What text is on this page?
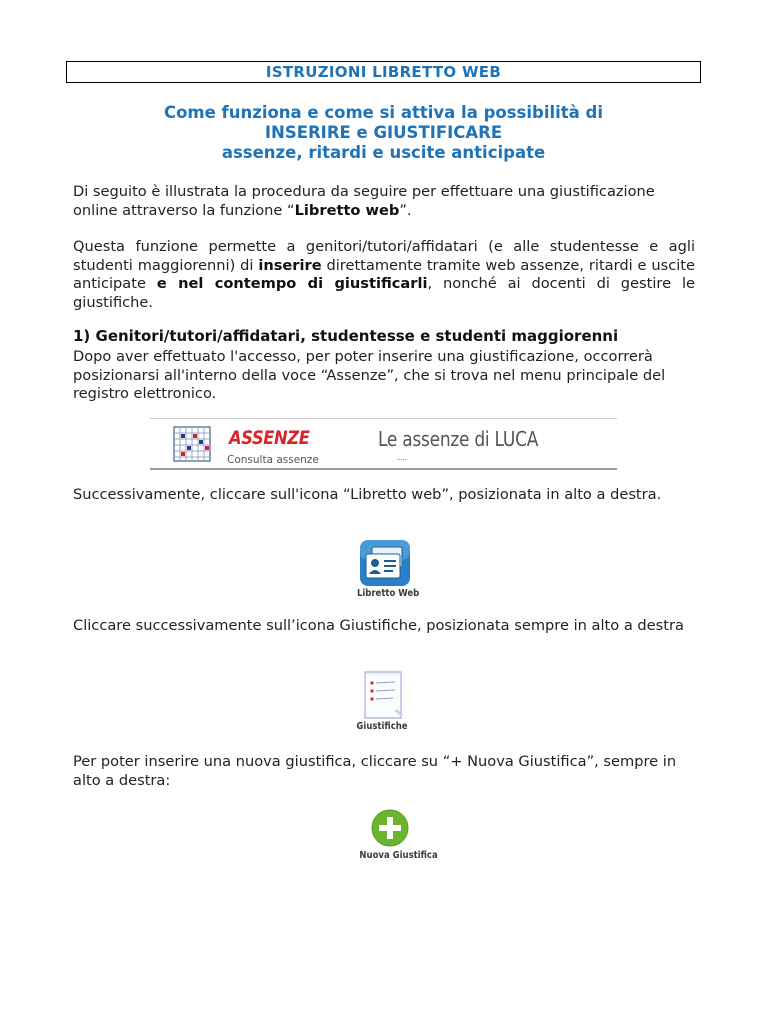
ISTRUZIONI LIBRETTO WEB
Come funziona e come si attiva la possibilità di
INSERIRE e GIUSTIFICARE
assenze, ritardi e uscite anticipate
Di seguito è illustrata la procedura da seguire per effettuare una giustificazione online attraverso la funzione “Libretto web”.
Questa funzione permette a genitori/tutori/affidatari (e alle studentesse e agli studenti maggiorenni) di inserire direttamente tramite web assenze, ritardi e uscite anticipate e nel contempo di giustificarli, nonché ai docenti di gestire le giustifiche.
1) Genitori/tutori/affidatari, studentesse e studenti maggiorenni
Dopo aver effettuato l'accesso, per poter inserire una giustificazione, occorrerà posizionarsi all'interno della voce “Assenze”, che si trova nel menu principale del registro elettronico.
ASSENZE
Consulta assenze
Le assenze di LUCA
Successivamente, cliccare sull'icona “Libretto web”, posizionata in alto a destra.
Libretto Web
Cliccare successivamente sull’icona Giustifiche, posizionata sempre in alto a destra
Giustifiche
Per poter inserire una nuova giustifica, cliccare su “+ Nuova Giustifica”, sempre in alto a destra:
Nuova Giustifica
